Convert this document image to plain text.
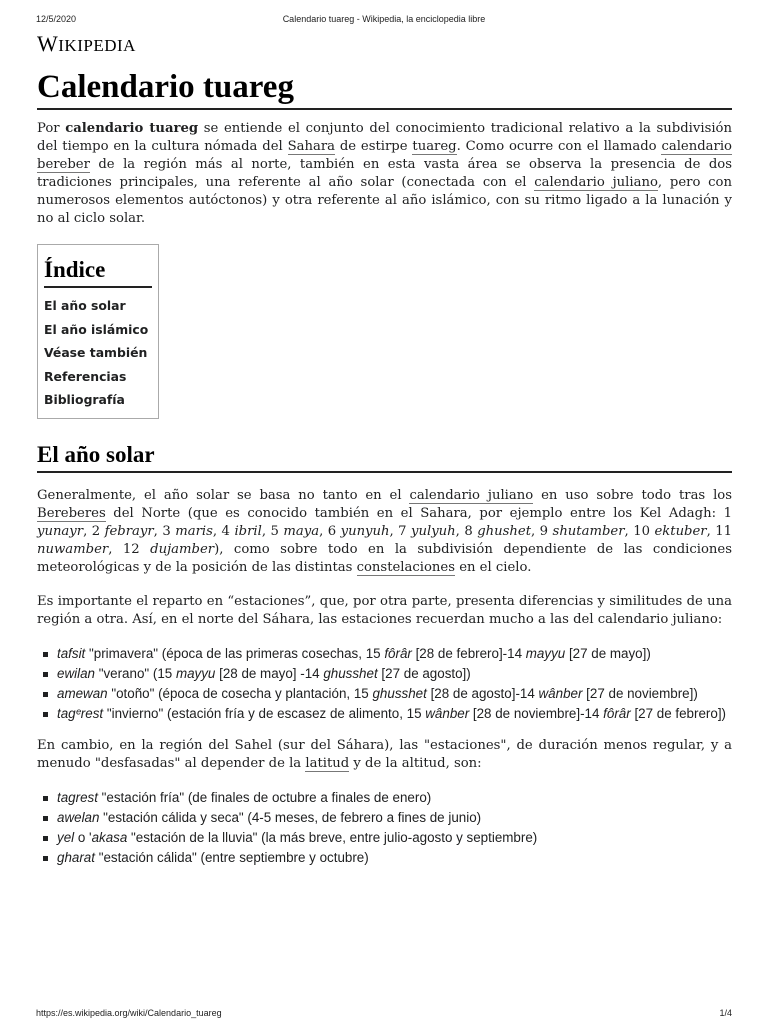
12/5/2020	Calendario tuareg - Wikipedia, la enciclopedia libre
WIKIPEDIA
Calendario tuareg

Por calendario tuareg se entiende el conjunto del conocimiento tradicional relativo a la subdivisión del tiempo en la cultura nómada del Sahara de estirpe tuareg. Como ocurre con el llamado calendario bereber de la región más al norte, también en esta vasta área se observa la presencia de dos tradiciones principales, una referente al año solar (conectada con el calendario juliano, pero con numerosos elementos autóctonos) y otra referente al año islámico, con su ritmo ligado a la lunación y no al ciclo solar.

Índice
El año solar
El año islámico
Véase también
Referencias
Bibliografía
El año solar

Generalmente, el año solar se basa no tanto en el calendario juliano en uso sobre todo tras los Bereberes del Norte (que es conocido también en el Sahara, por ejemplo entre los Kel Adagh: 1 yunayr, 2 febrayr, 3 maris, 4 ibril, 5 maya, 6 yunyuh, 7 yulyuh, 8 ghushet, 9 shutamber, 10 ektuber, 11 nuwamber, 12 dujamber), como sobre todo en la subdivisión dependiente de las condiciones meteorológicas y de la posición de las distintas constelaciones en el cielo.

Es importante el reparto en “estaciones”, que, por otra parte, presenta diferencias y similitudes de una región a otra. Así, en el norte del Sáhara, las estaciones recuerdan mucho a las del calendario juliano:

tafsit "primavera" (época de las primeras cosechas, 15 fôrâr [28 de febrero]-14 mayyu [27 de mayo])
ewilan "verano" (15 mayyu [28 de mayo] -14 ghusshet [27 de agosto])
amewan "otoño" (época de cosecha y plantación, 15 ghusshet [28 de agosto]-14 wânber [27 de noviembre])
tagᵉrest "invierno" (estación fría y de escasez de alimento, 15 wânber [28 de noviembre]-14 fôrâr [27 de febrero])

En cambio, en la región del Sahel (sur del Sáhara), las "estaciones", de duración menos regular, y a menudo "desfasadas" al depender de la latitud y de la altitud, son:

tagrest "estación fría" (de finales de octubre a finales de enero)
awelan "estación cálida y seca" (4-5 meses, de febrero a fines de junio)
yel o 'akasa "estación de la lluvia" (la más breve, entre julio-agosto y septiembre)
gharat "estación cálida" (entre septiembre y octubre)
https://es.wikipedia.org/wiki/Calendario_tuareg	1/4
